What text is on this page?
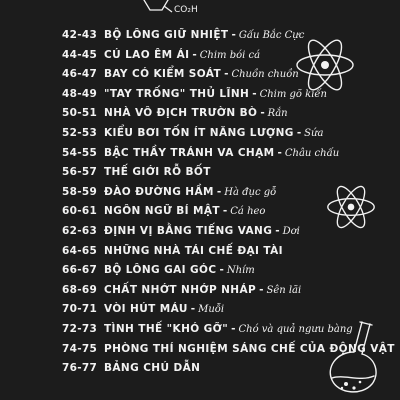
CO₂H
42-43 BỘ LÔNG GIỮ NHIỆT - Gấu Bắc Cực
44-45 CÚ LAO ÊM ÁI - Chim bói cá
46-47 BAY CÓ KIỂM SOÁT - Chuồn chuồn
48-49 "TAY TRỐNG" THỦ LĨNH - Chim gõ kiến
50-51 NHÀ VÔ ĐỊCH TRƯỜN BÒ - Rắn
52-53 KIỂU BƠI TỐN ÍT NĂNG LƯỢNG - Sứa
54-55 BẬC THẦY TRÁNH VA CHẠM - Châu chấu
56-57 THẾ GIỚI RỖ BỐT
58-59 ĐÀO ĐƯỜNG HẦM - Hà đục gỗ
60-61 NGÔN NGỮ BÍ MẬT - Cá heo
62-63 ĐỊNH VỊ BẰNG TIẾNG VANG - Dơi
64-65 NHỮNG NHÀ TÁI CHẾ ĐẠI TÀI
66-67 BỘ LÔNG GAI GÓC - Nhím
68-69 CHẤT NHỚT NHỚP NHÁP - Sên lãi
70-71 VÒI HÚT MÁU - Muỗi
72-73 TÌNH THẾ "KHÓ GỠ" - Chó và quả ngưu bàng
74-75 PHÒNG THÍ NGHIỆM SÁNG CHẾ CỦA ĐỘNG VẬT
76-77 BẢNG CHÚ DẪN
